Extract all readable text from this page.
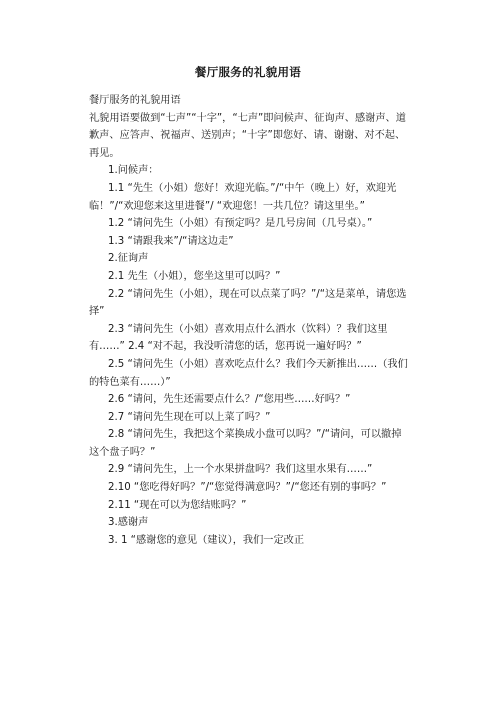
餐厅服务的礼貌用语

餐厅服务的礼貌用语

礼貌用语要做到“七声”“十字”，“七声”即问候声、征询声、感谢声、道歉声、应答声、祝福声、送别声；“十字”即您好、请、谢谢、对不起、再见。

1.问候声：

1.1 “先生（小姐）您好！欢迎光临。”/“中午（晚上）好，欢迎光临！”/“欢迎您来这里进餐”/ “欢迎您！一共几位？请这里坐。”

1.2 “请问先生（小姐）有预定吗？是几号房间（几号桌）。”

1.3 “请跟我来”/“请这边走”

2.征询声

2.1 先生（小姐），您坐这里可以吗？”

2.2 “请问先生（小姐），现在可以点菜了吗？”/“这是菜单，请您选择”

2.3 “请问先生（小姐）喜欢用点什么酒水（饮料）？我们这里有……” 2.4 “对不起，我没听清您的话，您再说一遍好吗？”

2.5 “请问先生（小姐）喜欢吃点什么？我们今天新推出……（我们的特色菜有……）”

2.6 “请问，先生还需要点什么？/“您用些……好吗？”

2.7 “请问先生现在可以上菜了吗？”

2.8 “请问先生，我把这个菜换成小盘可以吗？”/“请问，可以撤掉这个盘子吗？”

2.9 “请问先生，上一个水果拼盘吗？我们这里水果有……”

2.10 “您吃得好吗？”/“您觉得满意吗？”/“您还有别的事吗？”

2.11 “现在可以为您结账吗？”

3.感谢声

3. 1 “感谢您的意见（建议），我们一定改正
